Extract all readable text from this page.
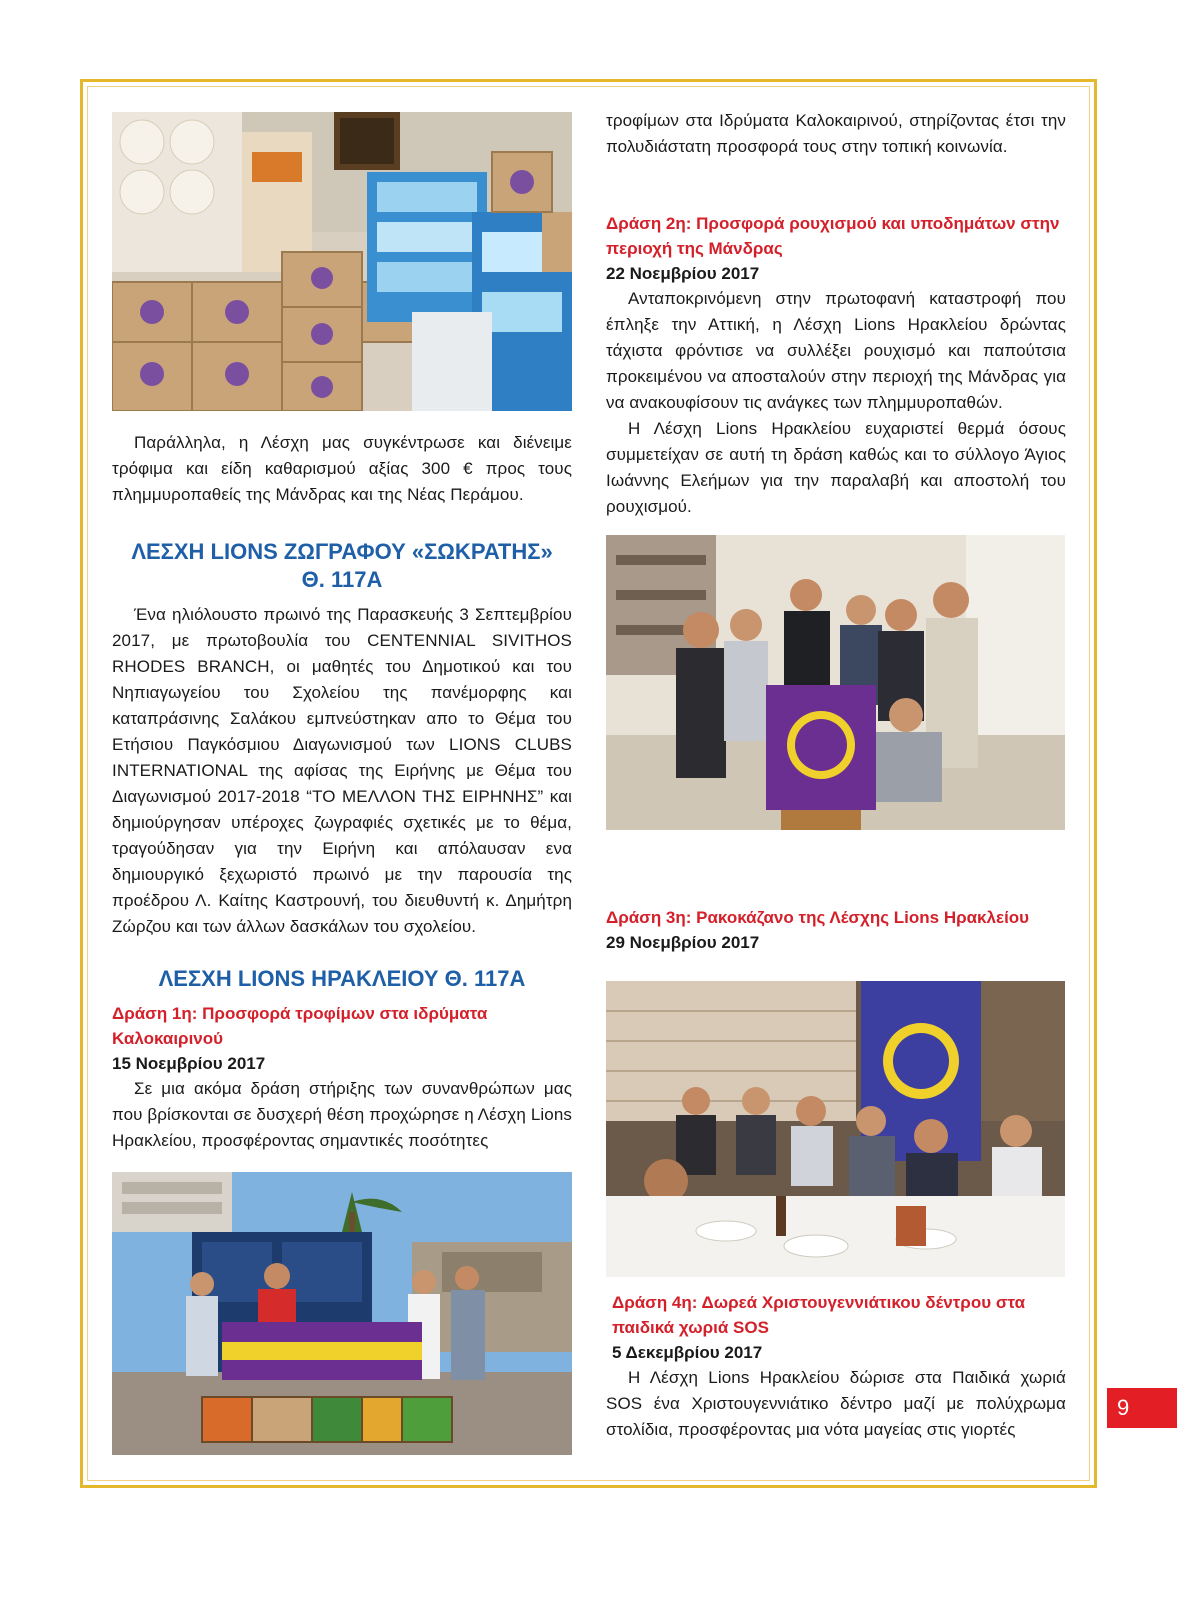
Παράλληλα, η Λέσχη μας συγκέντρωσε και διένειμε τρόφιμα και είδη καθαρισμού αξίας 300 € προς τους πλημμυροπαθείς της Μάνδρας και της Νέας Περάμου.

ΛΕΣΧΗ LIONS ΖΩΓΡΑΦΟΥ «ΣΩΚΡΑΤΗΣ»
Θ. 117Α

Ένα ηλιόλουστο πρωινό της Παρασκευής 3 Σεπτεμβρίου 2017, με πρωτοβουλία του CENTENNIAL SIVITHOS RHODES BRANCH, οι μαθητές του Δημοτικού και του Νηπιαγωγείου του Σχολείου της πανέμορφης και καταπράσινης Σαλάκου εμπνεύστηκαν απο το Θέμα του Ετήσιου Παγκόσμιου Διαγωνισμού των LIONS CLUBS INTERNATIONAL της αφίσας της Ειρήνης με Θέμα του Διαγωνισμού 2017-2018 “ΤΟ ΜΕΛΛΟΝ ΤΗΣ ΕΙΡΗΝΗΣ” και δημιούργησαν υπέροχες ζωγραφιές σχετικές με το θέμα, τραγούδησαν για την Ειρήνη και απόλαυσαν ενα δημιουργικό ξεχωριστό πρωινό με την παρουσία της προέδρου Λ. Καίτης Καστρουνή, του διευθυντή κ. Δημήτρη Ζώρζου και των άλλων δασκάλων του σχολείου.

ΛΕΣΧΗ LIONS ΗΡΑΚΛΕΙΟΥ Θ. 117Α

Δράση 1η: Προσφορά τροφίμων στα ιδρύματα Καλοκαιρινού

15 Νοεμβρίου 2017

Σε μια ακόμα δράση στήριξης των συνανθρώπων μας που βρίσκονται σε δυσχερή θέση προχώρησε η Λέσχη Lions Ηρακλείου, προσφέροντας σημαντικές ποσότητες

τροφίμων στα Ιδρύματα Καλοκαιρινού, στηρίζοντας έτσι την πολυδιάστατη προσφορά τους στην τοπική κοινωνία.

Δράση 2η: Προσφορά ρουχισμού και υποδημάτων στην περιοχή της Μάνδρας

22 Νοεμβρίου 2017

Ανταποκρινόμενη στην πρωτοφανή καταστροφή που έπληξε την Αττική, η Λέσχη Lions Ηρακλείου δρώντας τάχιστα φρόντισε να συλλέξει ρουχισμό και παπούτσια προκειμένου να αποσταλούν στην περιοχή της Μάνδρας για να ανακουφίσουν τις ανάγκες των πλημμυροπαθών.

Η Λέσχη Lions Ηρακλείου ευχαριστεί θερμά όσους συμμετείχαν σε αυτή τη δράση καθώς και το σύλλογο Άγιος Ιωάννης Ελεήμων για την παραλαβή και αποστολή του ρουχισμού.

Δράση 3η: Ρακοκάζανο της Λέσχης Lions Ηρακλείου

29 Νοεμβρίου 2017

Δράση 4η: Δωρεά Χριστουγεννιάτικου δέντρου στα παιδικά χωριά SOS

5 Δεκεμβρίου 2017

Η Λέσχη Lions Ηρακλείου δώρισε στα Παιδικά χωριά SOS ένα Χριστουγεννιάτικο δέντρο μαζί με πολύχρωμα στολίδια, προσφέροντας μια νότα μαγείας στις γιορτές

9
